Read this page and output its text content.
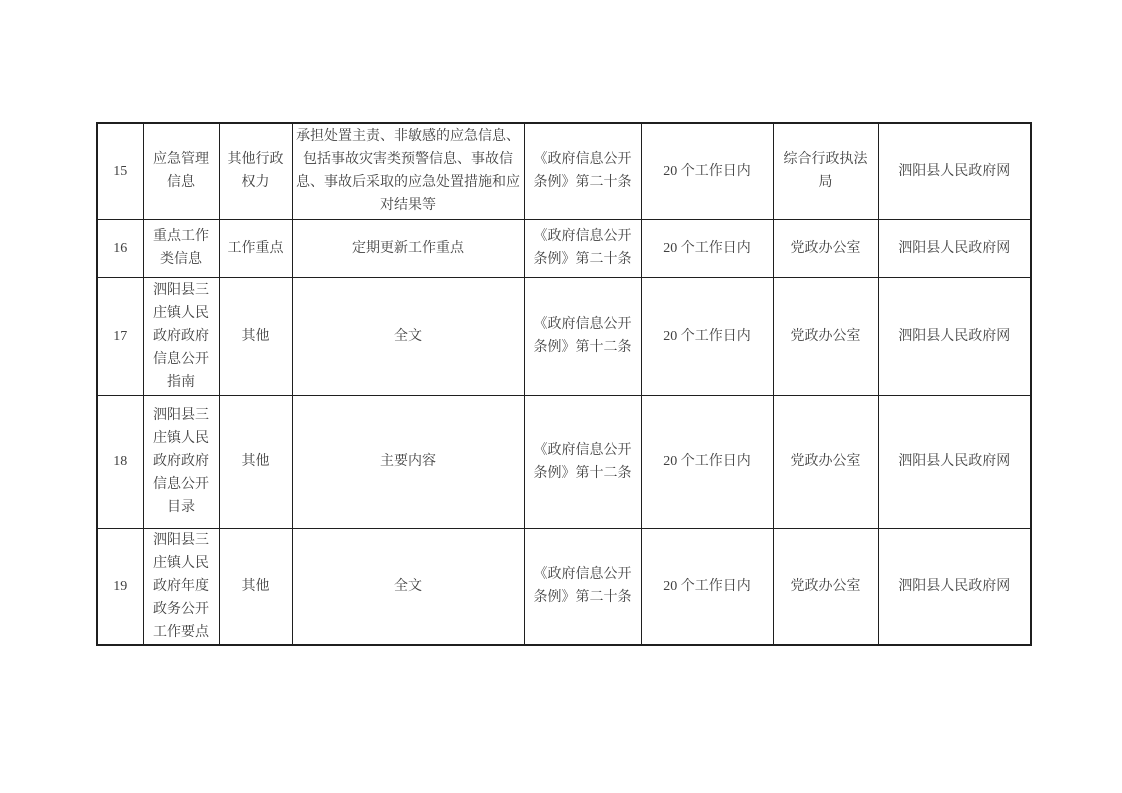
15	应急管理信息	其他行政权力	承担处置主责、非敏感的应急信息、包括事故灾害类预警信息、事故信息、事故后采取的应急处置措施和应对结果等	《政府信息公开条例》第二十条	20 个工作日内	综合行政执法局	泗阳县人民政府网
16	重点工作类信息	工作重点	定期更新工作重点	《政府信息公开条例》第二十条	20 个工作日内	党政办公室	泗阳县人民政府网
17	泗阳县三庄镇人民政府政府信息公开指南	其他	全文	《政府信息公开条例》第十二条	20 个工作日内	党政办公室	泗阳县人民政府网
18	泗阳县三庄镇人民政府政府信息公开目录	其他	主要内容	《政府信息公开条例》第十二条	20 个工作日内	党政办公室	泗阳县人民政府网
19	泗阳县三庄镇人民政府年度政务公开工作要点	其他	全文	《政府信息公开条例》第二十条	20 个工作日内	党政办公室	泗阳县人民政府网
